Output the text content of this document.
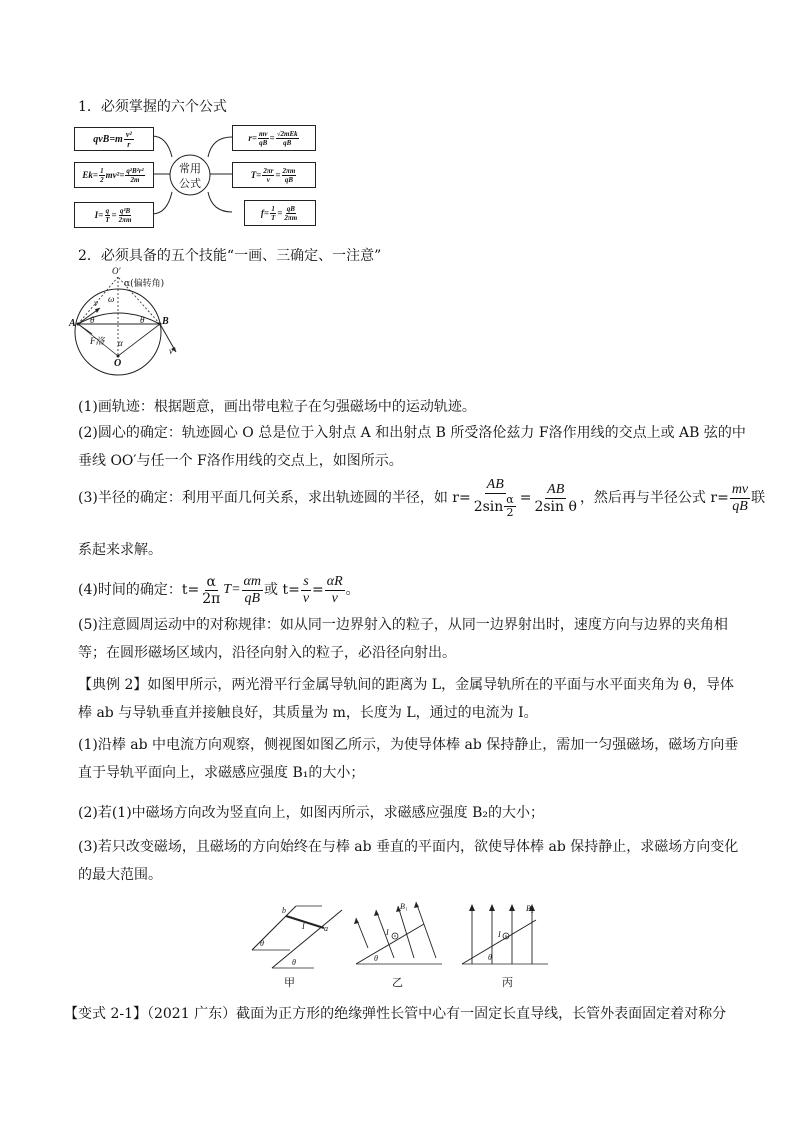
1．必须掌握的六个公式
常用
公式
$qvB=m \frac{\text{v²}}{r}$
E $k= \frac{1}{2} mv^2= \frac{\text{q²B²r²}}{2m}$
$I= \frac{q}{T} = \frac{\text{q²B}}{2\pi m}$
$r= \frac{mv}{qB} = \frac{\text{√2mEk}}{qB}$
$T= \frac{2\pi r}{v} = \frac{2\pi m}{qB}$
$f= \frac{1}{T} = \frac{qB}{2\pi m}$
2．必须具备的五个技能“一画、三确定、一注意”
O′
α(偏转角)
v ω
A θ	θ B
F洛 α
O
v
(1)画轨迹：根据题意，画出带电粒子在匀强磁场中的运动轨迹。
(2)圆心的确定：轨迹圆心 O 总是位于入射点 A 和出射点 B 所受洛伦兹力 F洛作用线的交点上或 AB 弦的中
垂线 OO′与任一个 F洛作用线的交点上，如图所示。
(3)半径的确定：利用平面几何关系，求出轨迹圆的半径，如 $r= \frac{AB}{2\sin \frac{\alpha}{2}} = \frac{AB}{\text{2sin θ}}$ ，然后再与半径公式 $r= \frac{mv}{qB}$ 联
系起来求解。
(4)时间的确定：$t= \frac{\alpha}{2\pi} T= \frac{\alpha m}{qB}$ 或 $t= \frac{s}{v} = \frac{\alpha R}{v}$ 。
(5)注意圆周运动中的对称规律：如从同一边界射入的粒子，从同一边界射出时，速度方向与边界的夹角相
等；在圆形磁场区域内，沿径向射入的粒子，必沿径向射出。
【典例 2】如图甲所示，两光滑平行金属导轨间的距离为 L，金属导轨所在的平面与水平面夹角为 θ，导体
棒 ab 与导轨垂直并接触良好，其质量为 m，长度为 L，通过的电流为 I。
(1)沿棒 ab 中电流方向观察，侧视图如图乙所示，为使导体棒 ab 保持静止，需加一匀强磁场，磁场方向垂
直于导轨平面向上，求磁感应强度 B₁的大小；
(2)若(1)中磁场方向改为竖直向上，如图丙所示，求磁感应强度 B₂的大小；
(3)若只改变磁场，且磁场的方向始终在与棒 ab 垂直的平面内，欲使导体棒 ab 保持静止，求磁场方向变化
的最大范围。
b
a
I
θ
θ
甲
B₁
I
θ
乙
B₂
I
θ
丙
【变式 2-1】（2021 广东）截面为正方形的绝缘弹性长管中心有一固定长直导线，长管外表面固定着对称分
